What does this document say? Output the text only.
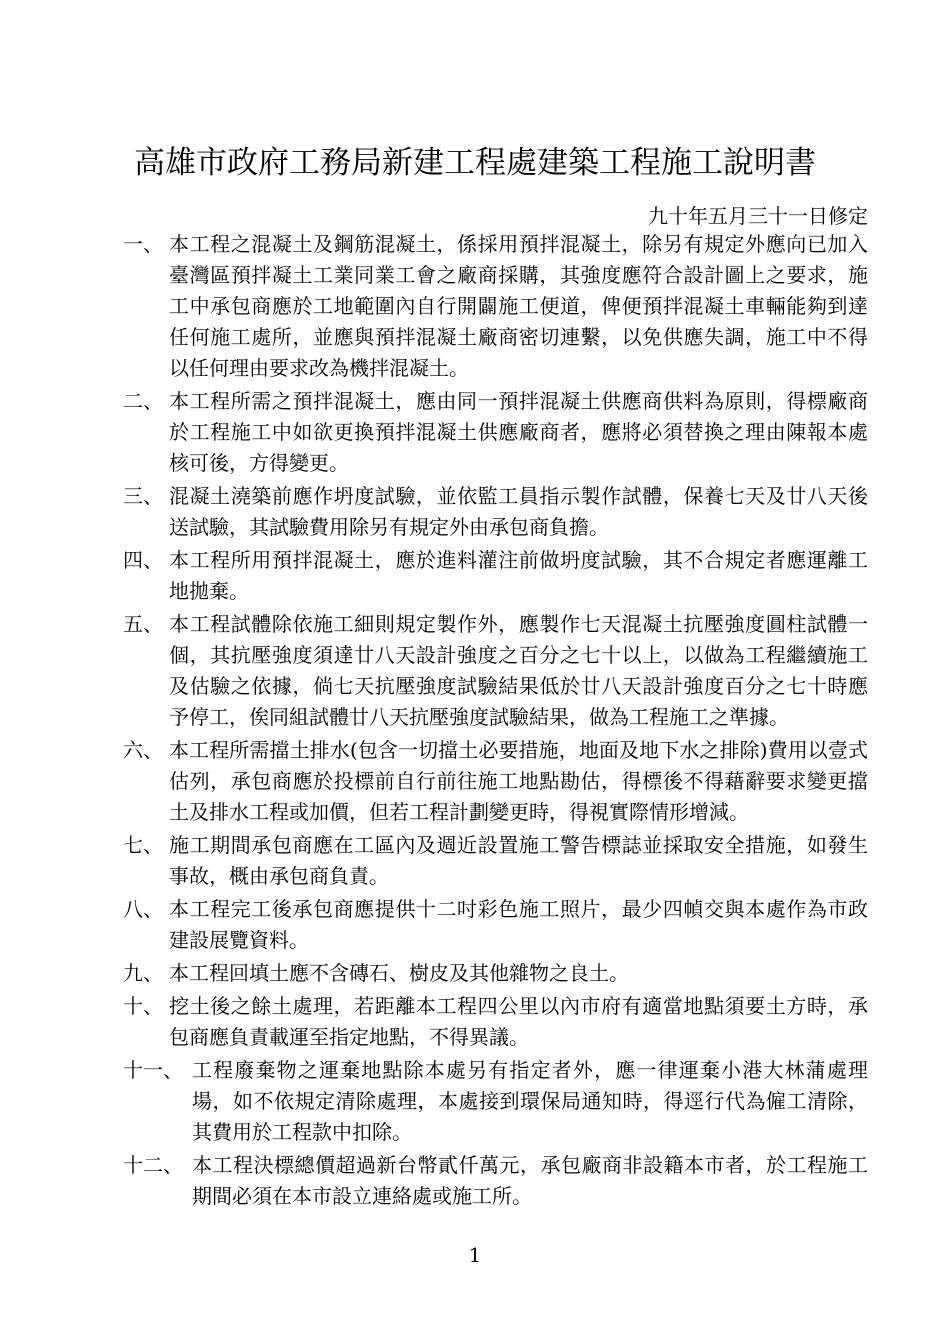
高雄市政府工務局新建工程處建築工程施工說明書
九十年五月三十一日修定
一、 本工程之混凝土及鋼筋混凝土，係採用預拌混凝土，除另有規定外應向已加入臺灣區預拌凝土工業同業工會之廠商採購，其強度應符合設計圖上之要求，施工中承包商應於工地範圍內自行開闢施工便道，俾便預拌混凝土車輛能夠到達任何施工處所，並應與預拌混凝土廠商密切連繫，以免供應失調，施工中不得以任何理由要求改為機拌混凝土。
二、 本工程所需之預拌混凝土，應由同一預拌混凝土供應商供料為原則，得標廠商於工程施工中如欲更換預拌混凝土供應廠商者，應將必須替換之理由陳報本處核可後，方得變更。
三、 混凝土澆築前應作坍度試驗，並依監工員指示製作試體，保養七天及廿八天後送試驗，其試驗費用除另有規定外由承包商負擔。
四、 本工程所用預拌混凝土，應於進料灌注前做坍度試驗，其不合規定者應運離工地拋棄。
五、 本工程試體除依施工細則規定製作外，應製作七天混凝土抗壓強度圓柱試體一個，其抗壓強度須達廿八天設計強度之百分之七十以上，以做為工程繼續施工及估驗之依據，倘七天抗壓強度試驗結果低於廿八天設計強度百分之七十時應予停工，俟同組試體廿八天抗壓強度試驗結果，做為工程施工之準據。
六、 本工程所需擋土排水(包含一切擋土必要措施，地面及地下水之排除)費用以壹式估列，承包商應於投標前自行前往施工地點勘估，得標後不得藉辭要求變更擋土及排水工程或加價，但若工程計劃變更時，得視實際情形增減。
七、 施工期間承包商應在工區內及週近設置施工警告標誌並採取安全措施，如發生事故，概由承包商負責。
八、 本工程完工後承包商應提供十二吋彩色施工照片，最少四幀交與本處作為市政建設展覽資料。
九、 本工程回填土應不含磚石、樹皮及其他雜物之良土。
十、 挖土後之餘土處理，若距離本工程四公里以內市府有適當地點須要土方時，承包商應負責載運至指定地點，不得異議。
十一、 工程廢棄物之運棄地點除本處另有指定者外，應一律運棄小港大林蒲處理場，如不依規定清除處理，本處接到環保局通知時，得逕行代為僱工清除，其費用於工程款中扣除。
十二、 本工程決標總價超過新台幣貳仟萬元，承包廠商非設籍本市者，於工程施工期間必須在本市設立連絡處或施工所。
1
